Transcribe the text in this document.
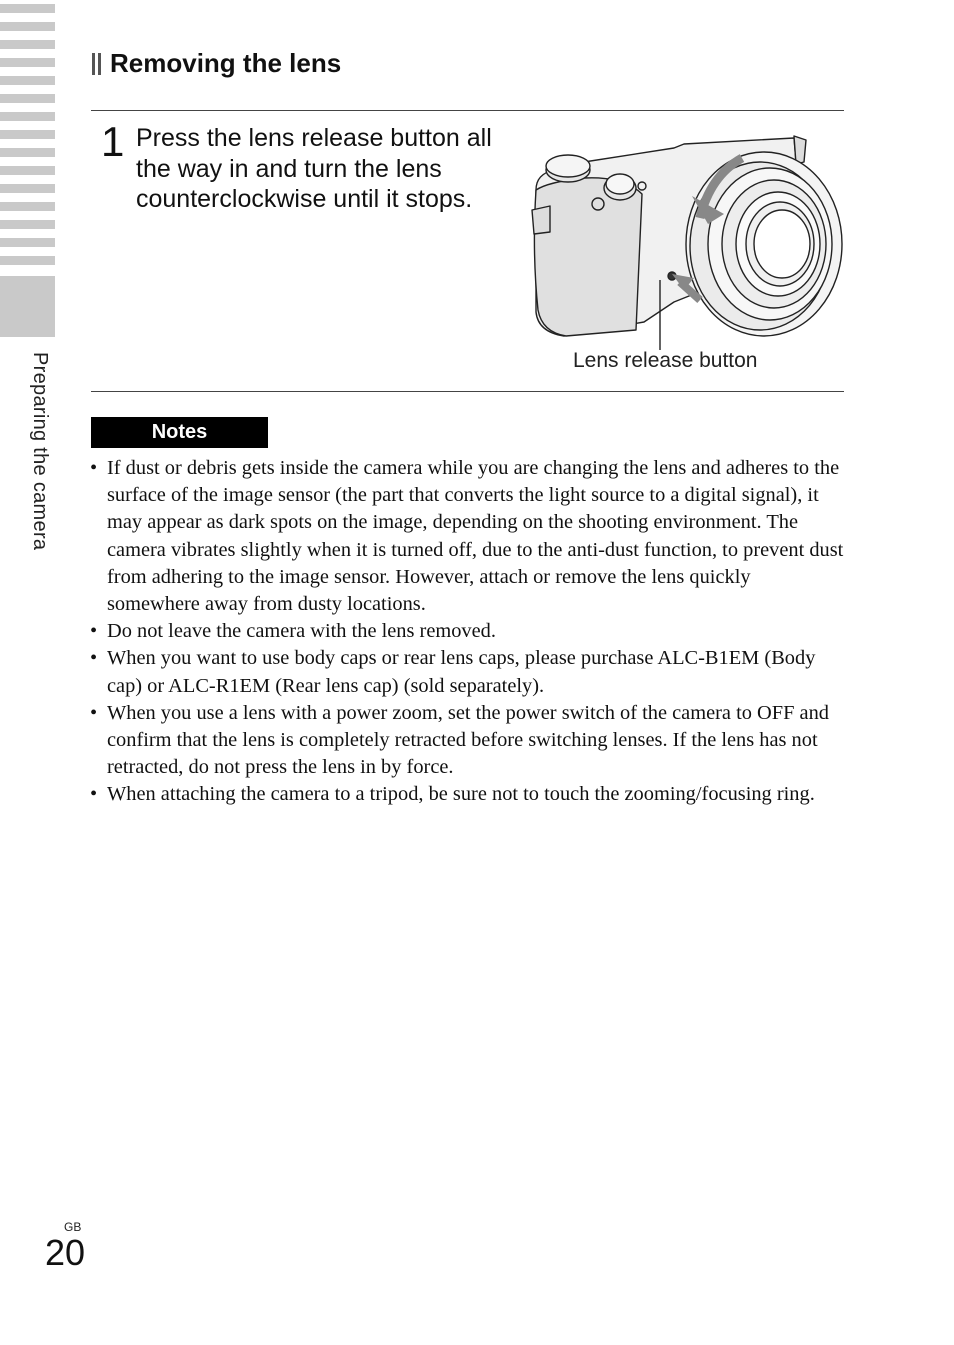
Preparing the camera
Removing the lens
1 Press the lens release button all the way in and turn the lens counterclockwise until it stops.

Lens release button
Notes
• If dust or debris gets inside the camera while you are changing the lens and adheres to the surface of the image sensor (the part that converts the light source to a digital signal), it may appear as dark spots on the image, depending on the shooting environment. The camera vibrates slightly when it is turned off, due to the anti-dust function, to prevent dust from adhering to the image sensor. However, attach or remove the lens quickly somewhere away from dusty locations.
• Do not leave the camera with the lens removed.
• When you want to use body caps or rear lens caps, please purchase ALC-B1EM (Body cap) or ALC-R1EM (Rear lens cap) (sold separately).
• When you use a lens with a power zoom, set the power switch of the camera to OFF and confirm that the lens is completely retracted before switching lenses. If the lens has not retracted, do not press the lens in by force.
• When attaching the camera to a tripod, be sure not to touch the zooming/focusing ring.
GB
20
